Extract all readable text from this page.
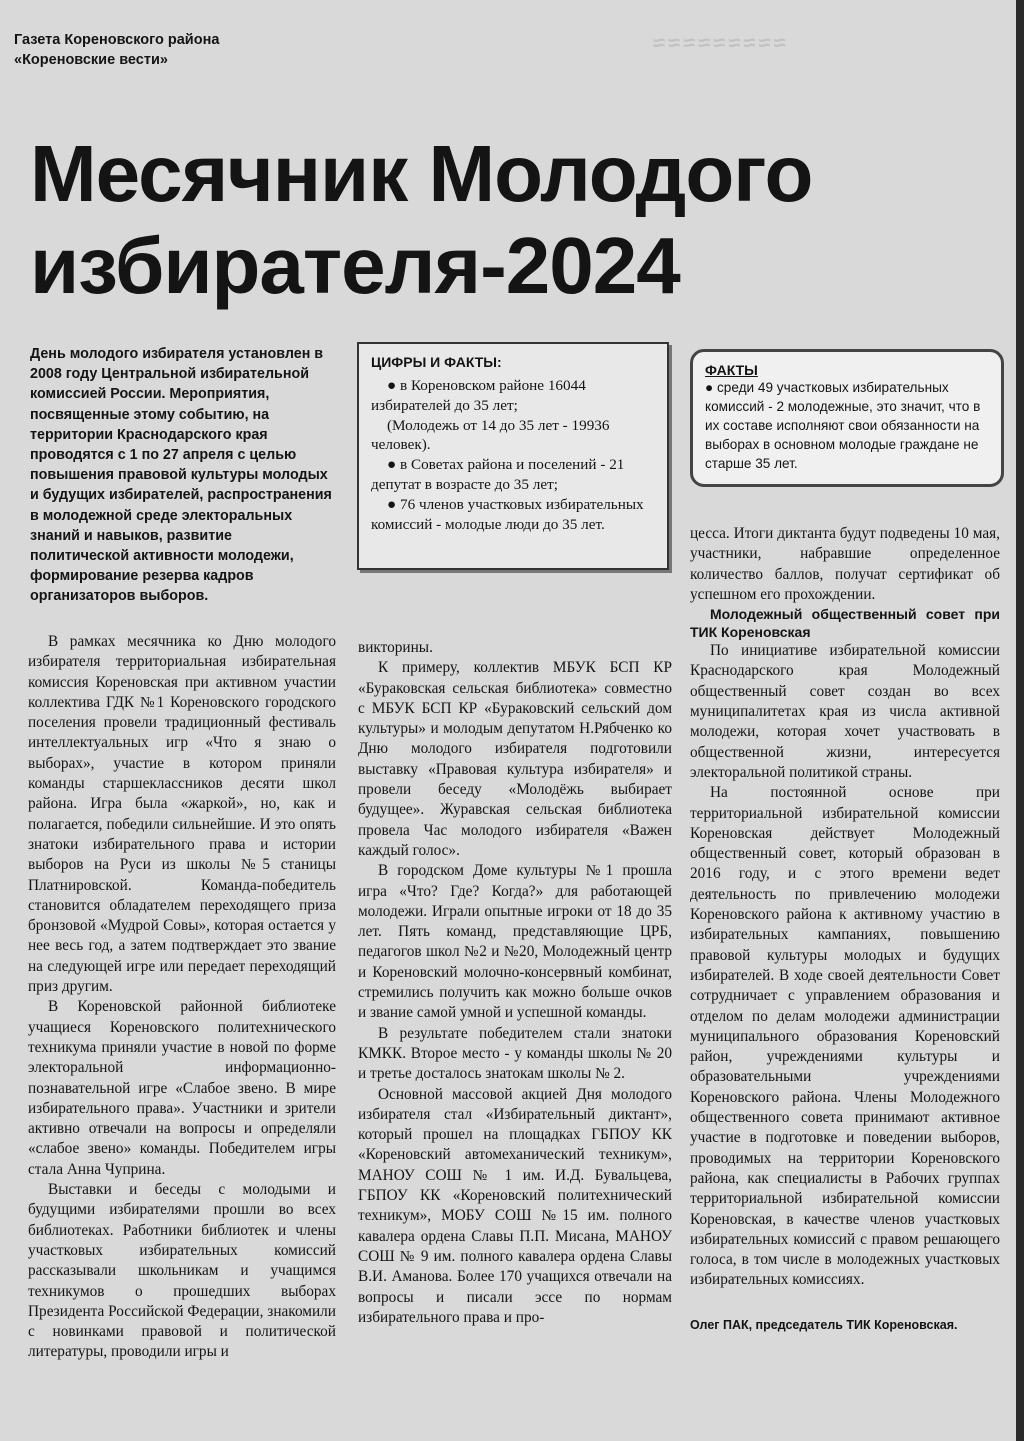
≈≈≈≈≈≈≈≈≈
Газета Кореновского района
«Кореновские вести»
Месячник Молодого
избирателя-2024

День молодого избирателя установлен в 2008 году Центральной избирательной комиссией России. Мероприятия, посвященные этому событию, на территории Краснодарского края проводятся с 1 по 27 апреля с целью повышения правовой культуры молодых и будущих избирателей, распространения в молодежной среде электоральных знаний и навыков, развитие политической активности молодежи, формирование резерва кадров организаторов выборов.

ЦИФРЫ И ФАКТЫ:

● в Кореновском районе 16044 избирателей до 35 лет;

(Молодежь от 14 до 35 лет - 19936 человек).

● в Советах района и поселений - 21 депутат в возрасте до 35 лет;

● 76 членов участковых избирательных комиссий - молодые люди до 35 лет.

ФАКТЫ

● среди 49 участковых избирательных комиссий - 2 молодежные, это значит, что в их составе исполняют свои обязанности на выборах в основном молодые граждане не старше 35 лет.

В рамках месячника ко Дню молодого избирателя территориальная избирательная комиссия Кореновская при активном участии коллектива ГДК №1 Кореновского городского поселения провели традиционный фестиваль интеллектуальных игр «Что я знаю о выборах», участие в котором приняли команды старшеклассников десяти школ района. Игра была «жаркой», но, как и полагается, победили сильнейшие. И это опять знатоки избирательного права и истории выборов на Руси из школы №5 станицы Платнировской. Команда-победитель становится обладателем переходящего приза бронзовой «Мудрой Совы», которая остается у нее весь год, а затем подтверждает это звание на следующей игре или передает переходящий приз другим.

В Кореновской районной библиотеке учащиеся Кореновского политехнического техникума приняли участие в новой по форме электоральной информационно-познавательной игре «Слабое звено. В мире избирательного права». Участники и зрители активно отвечали на вопросы и определяли «слабое звено» команды. Победителем игры стала Анна Чуприна.

Выставки и беседы с молодыми и будущими избирателями прошли во всех библиотеках. Работники библиотек и члены участковых избирательных комиссий рассказывали школьникам и учащимся техникумов о прошедших выборах Президента Российской Федерации, знакомили с новинками правовой и политической литературы, проводили игры и

викторины.

К примеру, коллектив МБУК БСП КР «Бураковская сельская библиотека» совместно с МБУК БСП КР «Бураковский сельский дом культуры» и молодым депутатом Н.Рябченко ко Дню молодого избирателя подготовили выставку «Правовая культура избирателя» и провели беседу «Молодёжь выбирает будущее». Журавская сельская библиотека провела Час молодого избирателя «Важен каждый голос».

В городском Доме культуры №1 прошла игра «Что? Где? Когда?» для работающей молодежи. Играли опытные игроки от 18 до 35 лет. Пять команд, представляющие ЦРБ, педагогов школ №2 и №20, Молодежный центр и Кореновский молочно-консервный комбинат, стремились получить как можно больше очков и звание самой умной и успешной команды.

В результате победителем стали знатоки КМКК. Второе место - у команды школы № 20 и третье досталось знатокам школы № 2.

Основной массовой акцией Дня молодого избирателя стал «Избирательный диктант», который прошел на площадках ГБПОУ КК «Кореновский автомеханический техникум», МАНОУ СОШ № 1 им. И.Д. Бувальцева, ГБПОУ КК «Кореновский политехнический техникум», МОБУ СОШ №15 им. полного кавалера ордена Славы П.П. Мисана, МАНОУ СОШ № 9 им. полного кавалера ордена Славы В.И. Аманова. Более 170 учащихся отвечали на вопросы и писали эссе по нормам избирательного права и про-

цесса. Итоги диктанта будут подведены 10 мая, участники, набравшие определенное количество баллов, получат сертификат об успешном его прохождении.

Молодежный общественный совет при ТИК Кореновская

По инициативе избирательной комиссии Краснодарского края Молодежный общественный совет создан во всех муниципалитетах края из числа активной молодежи, которая хочет участвовать в общественной жизни, интересуется электоральной политикой страны.

На постоянной основе при территориальной избирательной комиссии Кореновская действует Молодежный общественный совет, который образован в 2016 году, и с этого времени ведет деятельность по привлечению молодежи Кореновского района к активному участию в избирательных кампаниях, повышению правовой культуры молодых и будущих избирателей. В ходе своей деятельности Совет сотрудничает с управлением образования и отделом по делам молодежи администрации муниципального образования Кореновский район, учреждениями культуры и образовательными учреждениями Кореновского района. Члены Молодежного общественного совета принимают активное участие в подготовке и поведении выборов, проводимых на территории Кореновского района, как специалисты в Рабочих группах территориальной избирательной комиссии Кореновская, в качестве членов участковых избирательных комиссий с правом решающего голоса, в том числе в молодежных участковых избирательных комиссиях.

Олег ПАК, председатель ТИК Кореновская.
